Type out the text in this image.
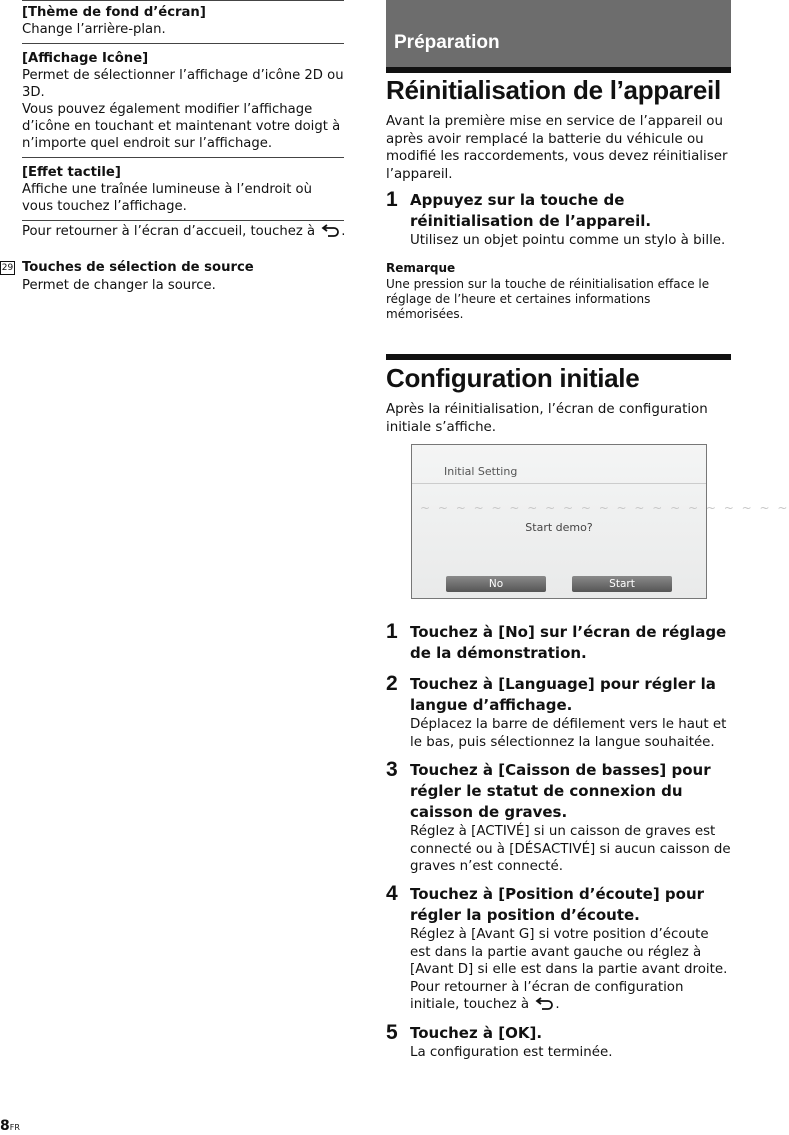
[Thème de fond d’écran]
Change l’arrière-plan.
[Affichage Icône]
Permet de sélectionner l’affichage d’icône 2D ou 3D.
Vous pouvez également modifier l’affichage d’icône en touchant et maintenant votre doigt à n’importe quel endroit sur l’affichage.
[Effet tactile]
Affiche une traînée lumineuse à l’endroit où vous touchez l’affichage.
Pour retourner à l’écran d’accueil, touchez à .
29 Touches de sélection de source
Permet de changer la source.
Préparation
Réinitialisation de l’appareil
Avant la première mise en service de l’appareil ou après avoir remplacé la batterie du véhicule ou modifié les raccordements, vous devez réinitialiser l’appareil.
1 Appuyez sur la touche de réinitialisation de l’appareil.
Utilisez un objet pointu comme un stylo à bille.
Remarque
Une pression sur la touche de réinitialisation efface le réglage de l’heure et certaines informations mémorisées.
Configuration initiale
Après la réinitialisation, l’écran de configuration initiale s’affiche.
Initial Setting
~ ~ ~ ~ ~ ~ ~ ~ ~ ~ ~ ~ ~ ~ ~ ~ ~ ~ ~ ~ ~
Start demo?
No	Start
1 Touchez à [No] sur l’écran de réglage de la démonstration.
2 Touchez à [Language] pour régler la langue d’affichage.
Déplacez la barre de défilement vers le haut et le bas, puis sélectionnez la langue souhaitée.
3 Touchez à [Caisson de basses] pour régler le statut de connexion du caisson de graves.
Réglez à [ACTIVÉ] si un caisson de graves est connecté ou à [DÉSACTIVÉ] si aucun caisson de graves n’est connecté.
4 Touchez à [Position d’écoute] pour régler la position d’écoute.
Réglez à [Avant G] si votre position d’écoute est dans la partie avant gauche ou réglez à [Avant D] si elle est dans la partie avant droite.
Pour retourner à l’écran de configuration initiale, touchez à .
5 Touchez à [OK].
La configuration est terminée.
8FR
